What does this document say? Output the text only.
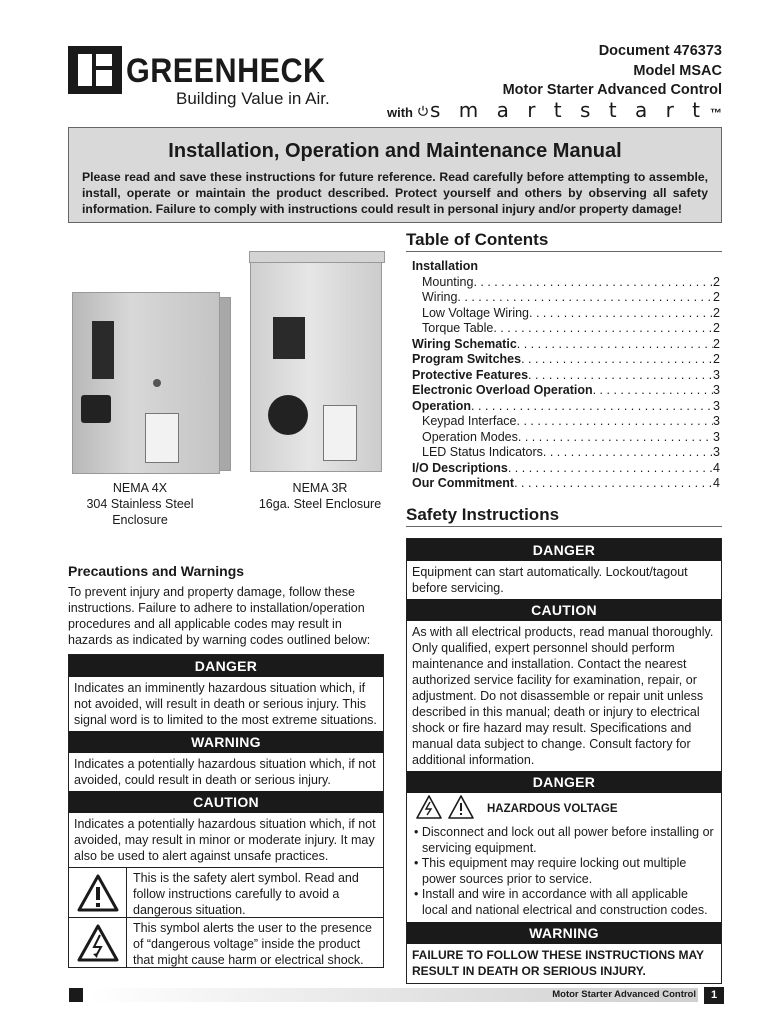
®
GREENHECK
Building Value in Air.
Document 476373
Model MSAC
Motor Starter Advanced Control
with s m a r t s t a r t ™
Installation, Operation and Maintenance Manual

Please read and save these instructions for future reference. Read carefully before attempting to assemble, install, operate or maintain the product described. Protect yourself and others by observing all safety information. Failure to comply with instructions could result in personal injury and/or property damage!

NEMA 4X
304 Stainless Steel
Enclosure
NEMA 3R
16ga. Steel Enclosure
Precautions and Warnings
To prevent injury and property damage, follow these instructions. Failure to adhere to installation/operation procedures and all applicable codes may result in hazards as indicated by warning codes outlined below:
DANGER
Indicates an imminently hazardous situation which, if not avoided, will result in death or serious injury. This signal word is to limited to the most extreme situations.
WARNING
Indicates a potentially hazardous situation which, if not avoided, could result in death or serious injury.
CAUTION
Indicates a potentially hazardous situation which, if not avoided, may result in minor or moderate injury. It may also be used to alert against unsafe practices.
This is the safety alert symbol. Read and follow instructions carefully to avoid a dangerous situation.
This symbol alerts the user to the presence of “dangerous voltage” inside the product that might cause harm or electrical shock.
Table of Contents
Installation
Mounting . . .	2
Wiring . . .	2
Low Voltage Wiring . . .	2
Torque Table . . .	2
Wiring Schematic . . .	2
Program Switches . . .	2
Protective Features . . .	3
Electronic Overload Operation . . .	3
Operation . . .	3
Keypad Interface . . .	3
Operation Modes . . .	3
LED Status Indicators . . .	3
I/O Descriptions . . .	4
Our Commitment . . .	4
Safety Instructions
DANGER
Equipment can start automatically. Lockout/tagout before servicing.
CAUTION
As with all electrical products, read manual thoroughly. Only qualified, expert personnel should perform maintenance and installation. Contact the nearest authorized service facility for examination, repair, or adjustment. Do not disassemble or repair unit unless described in this manual; death or injury to electrical shock or fire hazard may result. Specifications and manual data subject to change. Consult factory for additional information.
DANGER
HAZARDOUS VOLTAGE
• Disconnect and lock out all power before installing or servicing equipment.
• This equipment may require locking out multiple power sources prior to service.
• Install and wire in accordance with all applicable local and national electrical and construction codes.
WARNING
FAILURE TO FOLLOW THESE INSTRUCTIONS MAY RESULT IN DEATH OR SERIOUS INJURY.
Motor Starter Advanced Control	1
